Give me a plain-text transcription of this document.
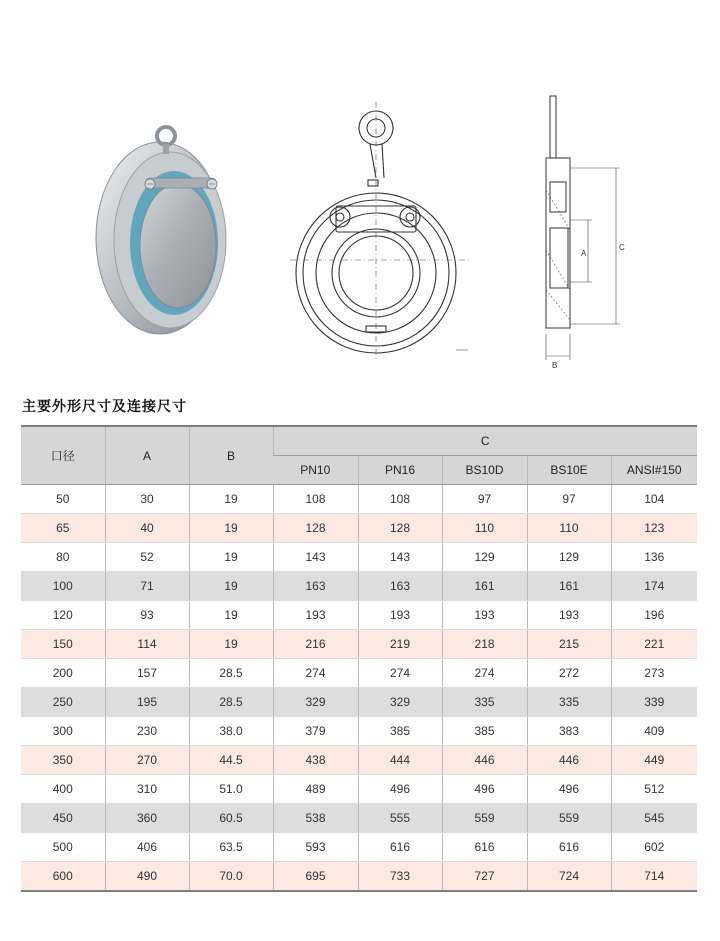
C
A
B
主要外形尺寸及连接尺寸
口径	A	B	C				
			PN10	PN16	BS10D	BS10E	ANSI#150
50	30	19	108	108	97	97	104
65	40	19	128	128	110	110	123
80	52	19	143	143	129	129	136
100	71	19	163	163	161	161	174
120	93	19	193	193	193	193	196
150	114	19	216	219	218	215	221
200	157	28.5	274	274	274	272	273
250	195	28.5	329	329	335	335	339
300	230	38.0	379	385	385	383	409
350	270	44.5	438	444	446	446	449
400	310	51.0	489	496	496	496	512
450	360	60.5	538	555	559	559	545
500	406	63.5	593	616	616	616	602
600	490	70.0	695	733	727	724	714
